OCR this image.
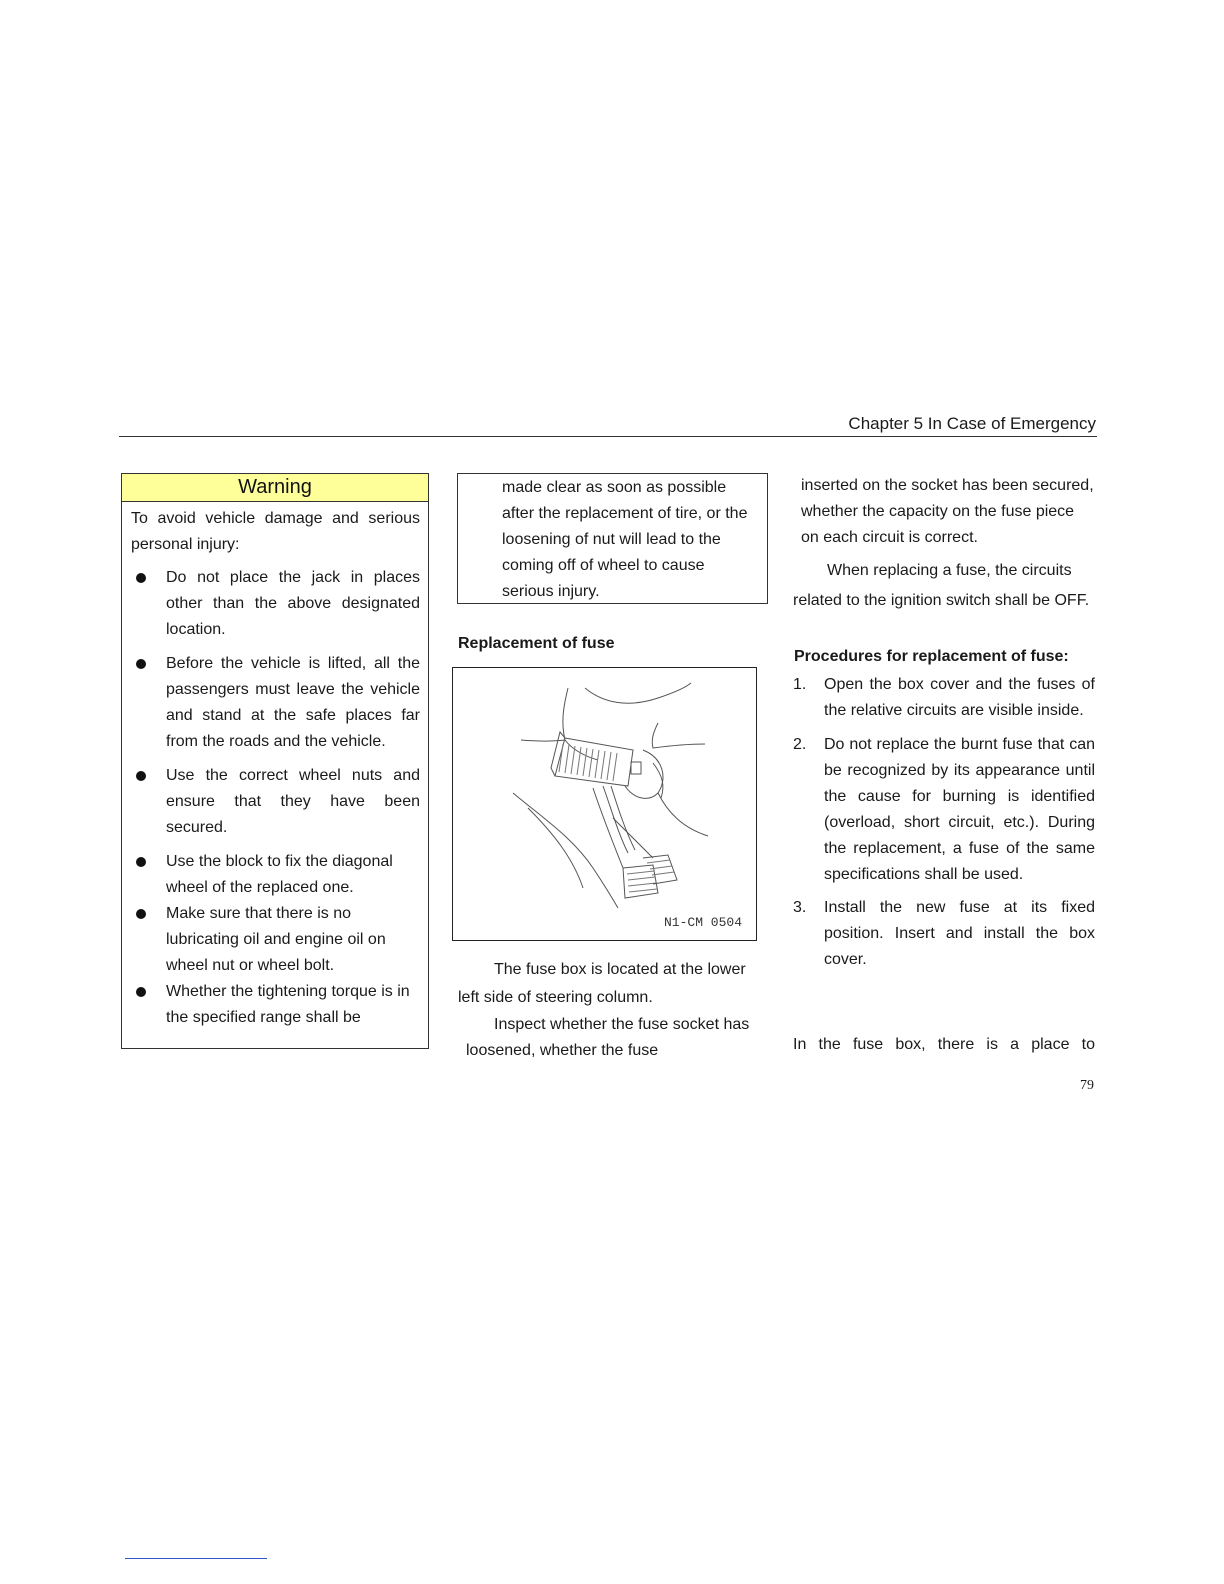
Chapter 5 In Case of Emergency
Warning
To avoid vehicle damage and serious personal injury:
Do not place the jack in places other than the above designated location.
Before the vehicle is lifted, all the passengers must leave the vehicle and stand at the safe places far from the roads and the vehicle.
Use the correct wheel nuts and ensure that they have been secured.
Use the block to fix the diagonal wheel of the replaced one.
Make sure that there is no lubricating oil and engine oil on wheel nut or wheel bolt.
Whether the tightening torque is in the specified range shall be
made clear as soon as possible after the replacement of tire, or the loosening of nut will lead to the coming off of wheel to cause serious injury.
Replacement of fuse
N1-CM 0504
The fuse box is located at the lower left side of steering column.
Inspect whether the fuse socket has loosened, whether the fuse
inserted on the socket has been secured, whether the capacity on the fuse piece on each circuit is correct.
When replacing a fuse, the circuits related to the ignition switch shall be OFF.
Procedures for replacement of fuse:
1. Open the box cover and the fuses of the relative circuits are visible inside.
2. Do not replace the burnt fuse that can be recognized by its appearance until the cause for burning is identified (overload, short circuit, etc.). During the replacement, a fuse of the same specifications shall be used.
3. Install the new fuse at its fixed position. Insert and install the box cover.
In the fuse box, there is a place to
79
